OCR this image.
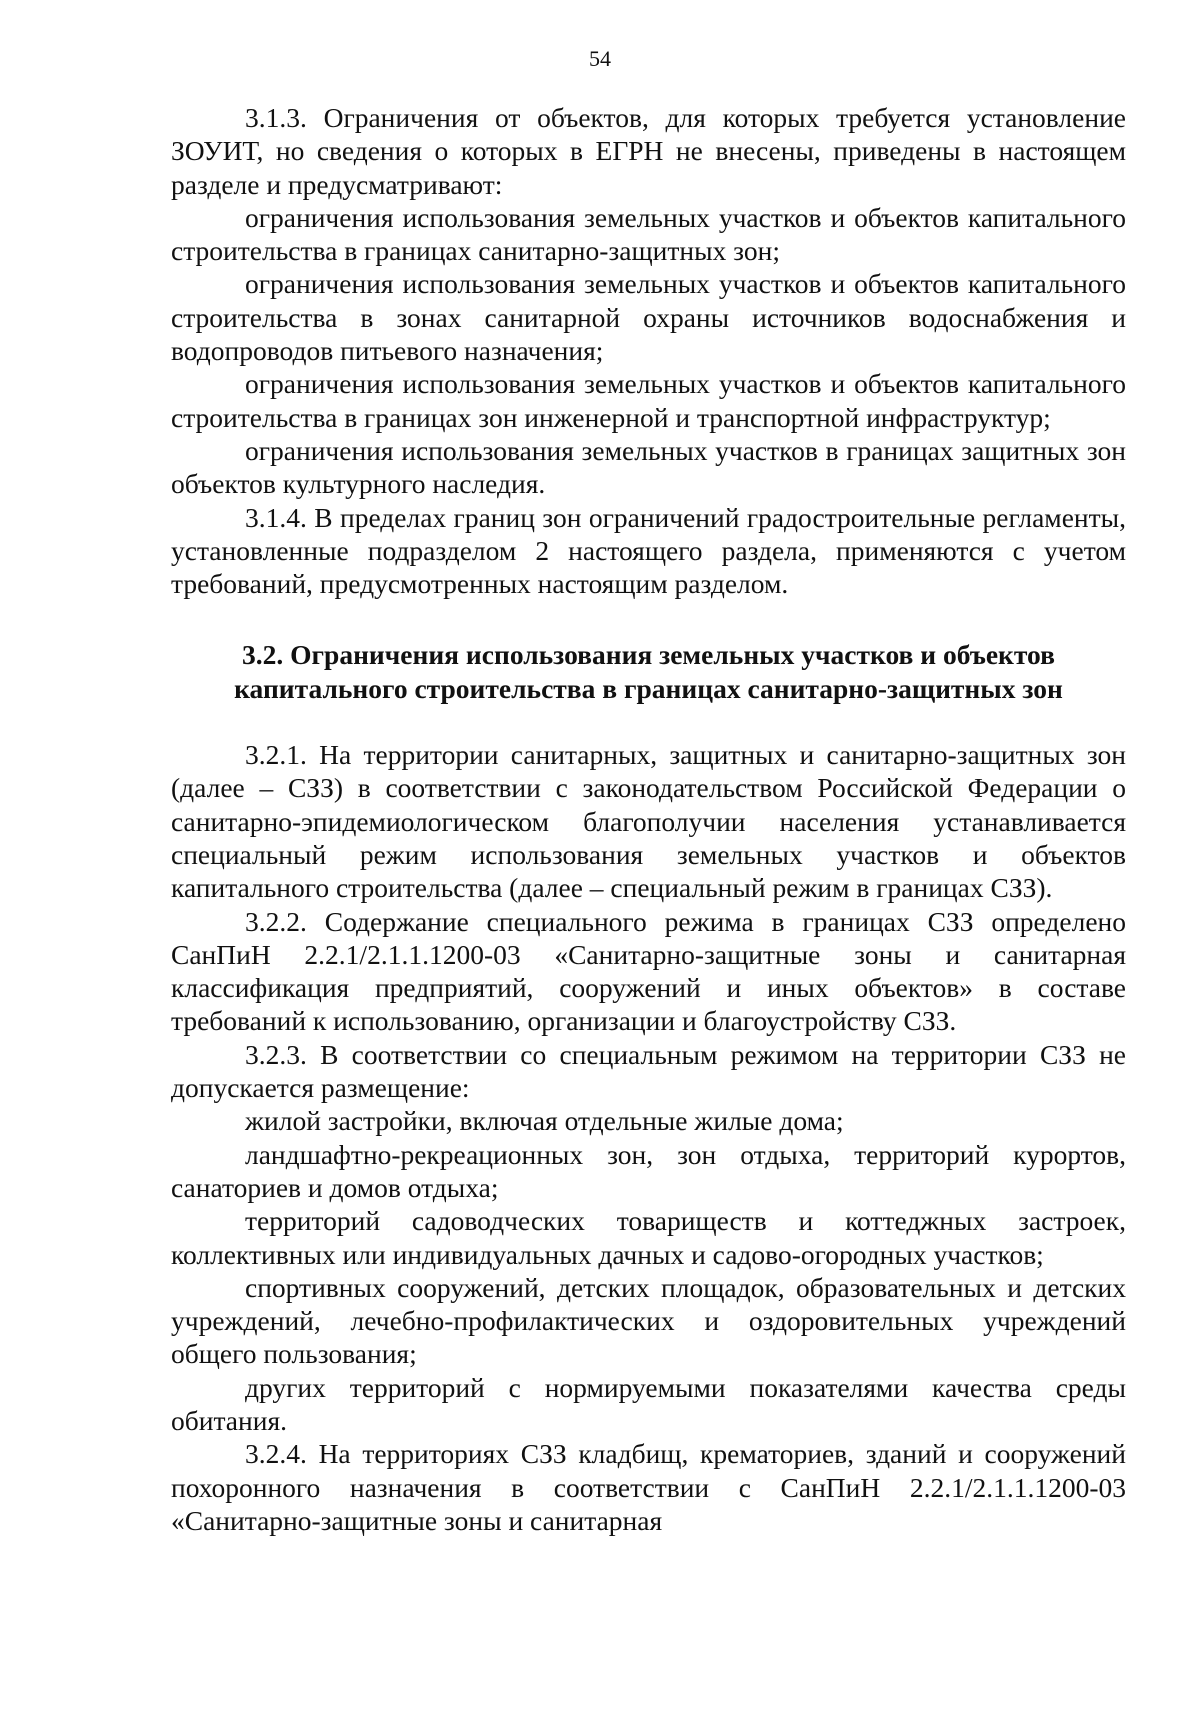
54

3.1.3. Ограничения от объектов, для которых требуется установление ЗОУИТ, но сведения о которых в ЕГРН не внесены, приведены в настоящем разделе и предусматривают:

ограничения использования земельных участков и объектов капитального строительства в границах санитарно-защитных зон;

ограничения использования земельных участков и объектов капитального строительства в зонах санитарной охраны источников водоснабжения и водопроводов питьевого назначения;

ограничения использования земельных участков и объектов капитального строительства в границах зон инженерной и транспортной инфраструктур;

ограничения использования земельных участков в границах защитных зон объектов культурного наследия.

3.1.4. В пределах границ зон ограничений градостроительные регламенты, установленные подразделом 2 настоящего раздела, применяются с учетом требований, предусмотренных настоящим разделом.

3.2. Ограничения использования земельных участков и объектов
капитального строительства в границах санитарно-защитных зон

3.2.1. На территории санитарных, защитных и санитарно-защитных зон (далее – СЗЗ) в соответствии с законодательством Российской Федерации о санитарно-эпидемиологическом благополучии населения устанавливается специальный режим использования земельных участков и объектов капитального строительства (далее – специальный режим в границах СЗЗ).

3.2.2. Содержание специального режима в границах СЗЗ определено СанПиН 2.2.1/2.1.1.1200-03 «Санитарно-защитные зоны и санитарная классификация предприятий, сооружений и иных объектов» в составе требований к использованию, организации и благоустройству СЗЗ.

3.2.3. В соответствии со специальным режимом на территории СЗЗ не допускается размещение:

жилой застройки, включая отдельные жилые дома;

ландшафтно-рекреационных зон, зон отдыха, территорий курортов, санаториев и домов отдыха;

территорий садоводческих товариществ и коттеджных застроек, коллективных или индивидуальных дачных и садово-огородных участков;

спортивных сооружений, детских площадок, образовательных и детских учреждений, лечебно-профилактических и оздоровительных учреждений общего пользования;

других территорий с нормируемыми показателями качества среды обитания.

3.2.4. На территориях СЗЗ кладбищ, крематориев, зданий и сооружений похоронного назначения в соответствии с СанПиН 2.2.1/2.1.1.1200-03 «Санитарно-защитные зоны и санитарная
